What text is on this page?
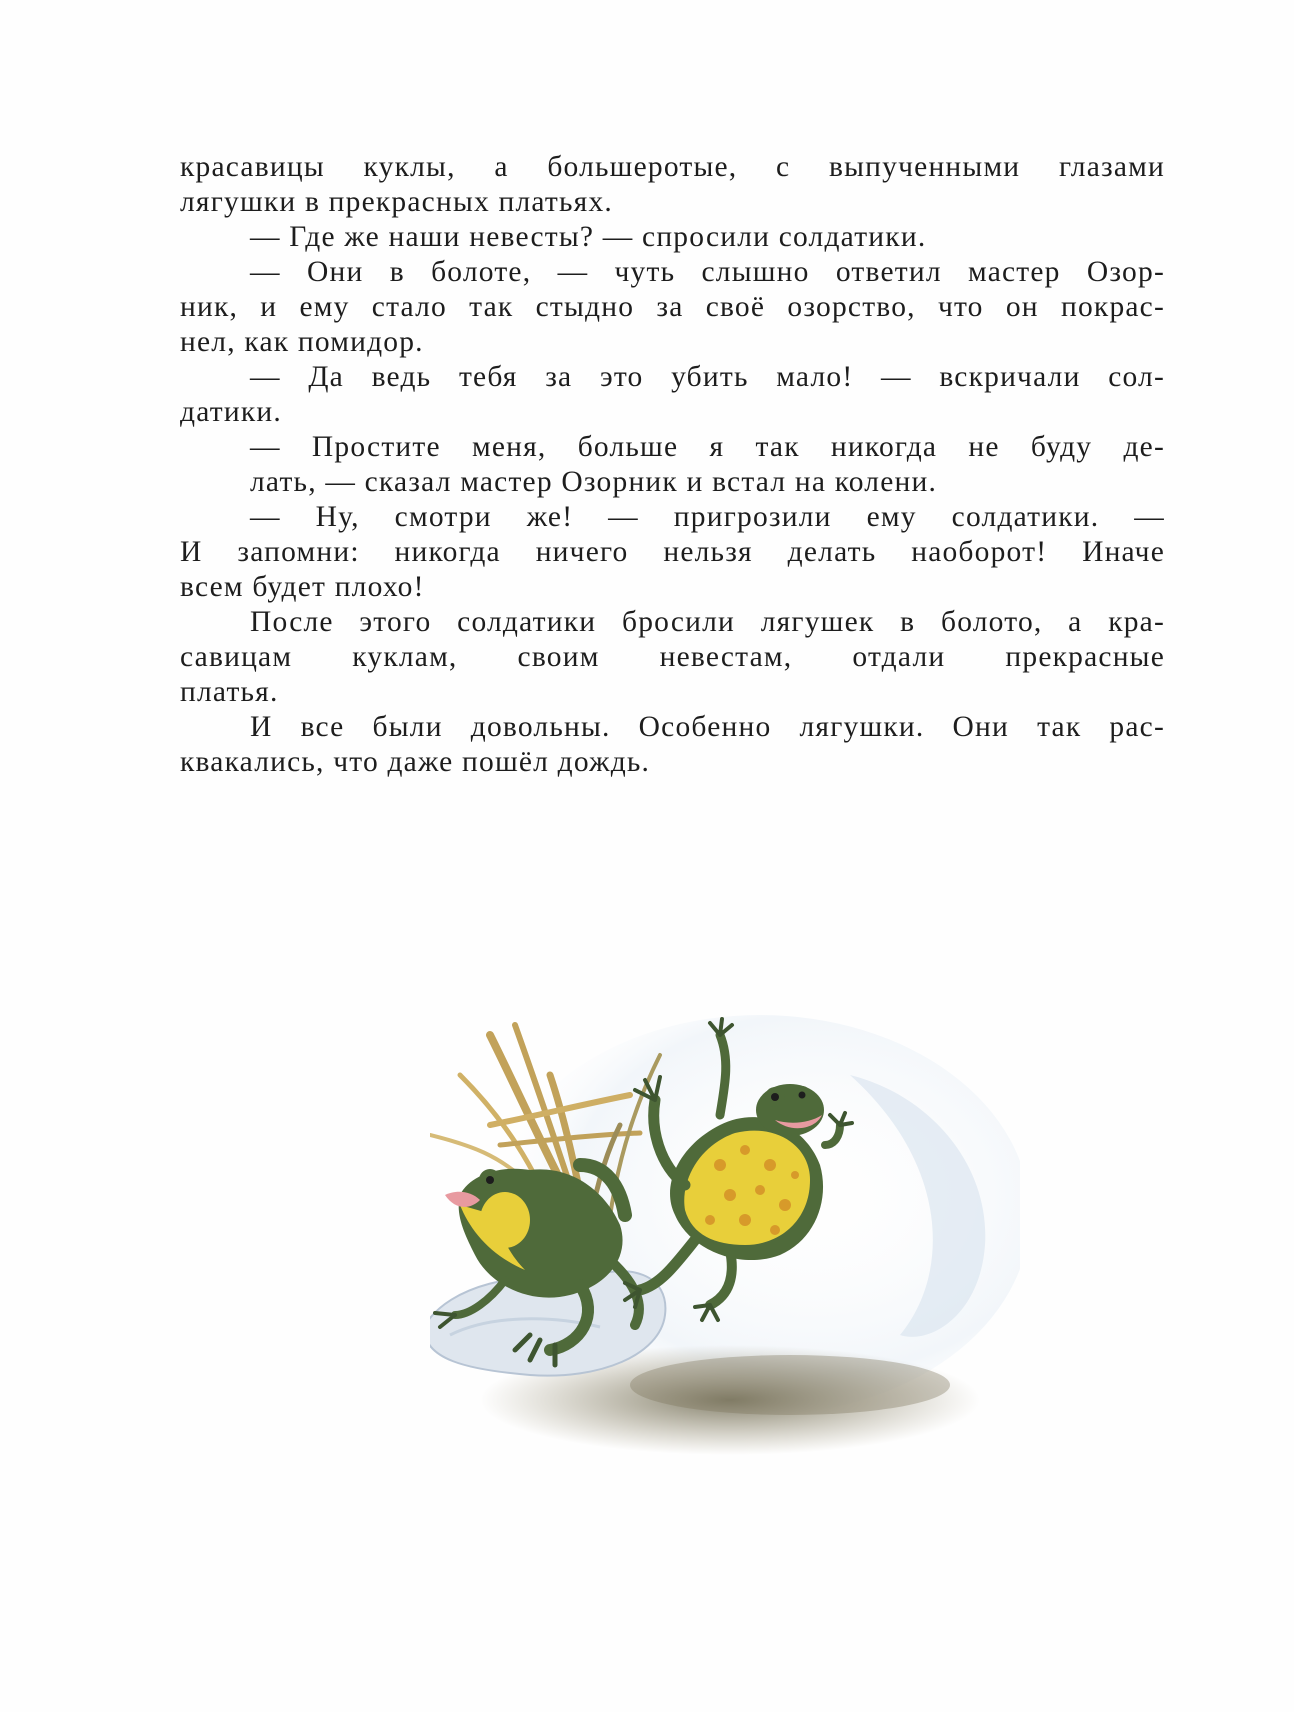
красавицы куклы, а большеротые, с выпученными глазами
лягушки в прекрасных платьях.
— Где же наши невесты? — спросили солдатики.
— Они в болоте, — чуть слышно ответил мастер Озор-
ник, и ему стало так стыдно за своё озорство, что он покрас-
нел, как помидор.
— Да ведь тебя за это убить мало! — вскричали сол-
датики.
— Простите меня, больше я так никогда не буду де-
лать, — сказал мастер Озорник и встал на колени.
— Ну, смотри же! — пригрозили ему солдатики. —
И запомни: никогда ничего нельзя делать наоборот! Иначе
всем будет плохо!
После этого солдатики бросили лягушек в болото, а кра-
савицам куклам, своим невестам, отдали прекрасные
платья.
И все были довольны. Особенно лягушки. Они так рас-
квакались, что даже пошёл дождь.
